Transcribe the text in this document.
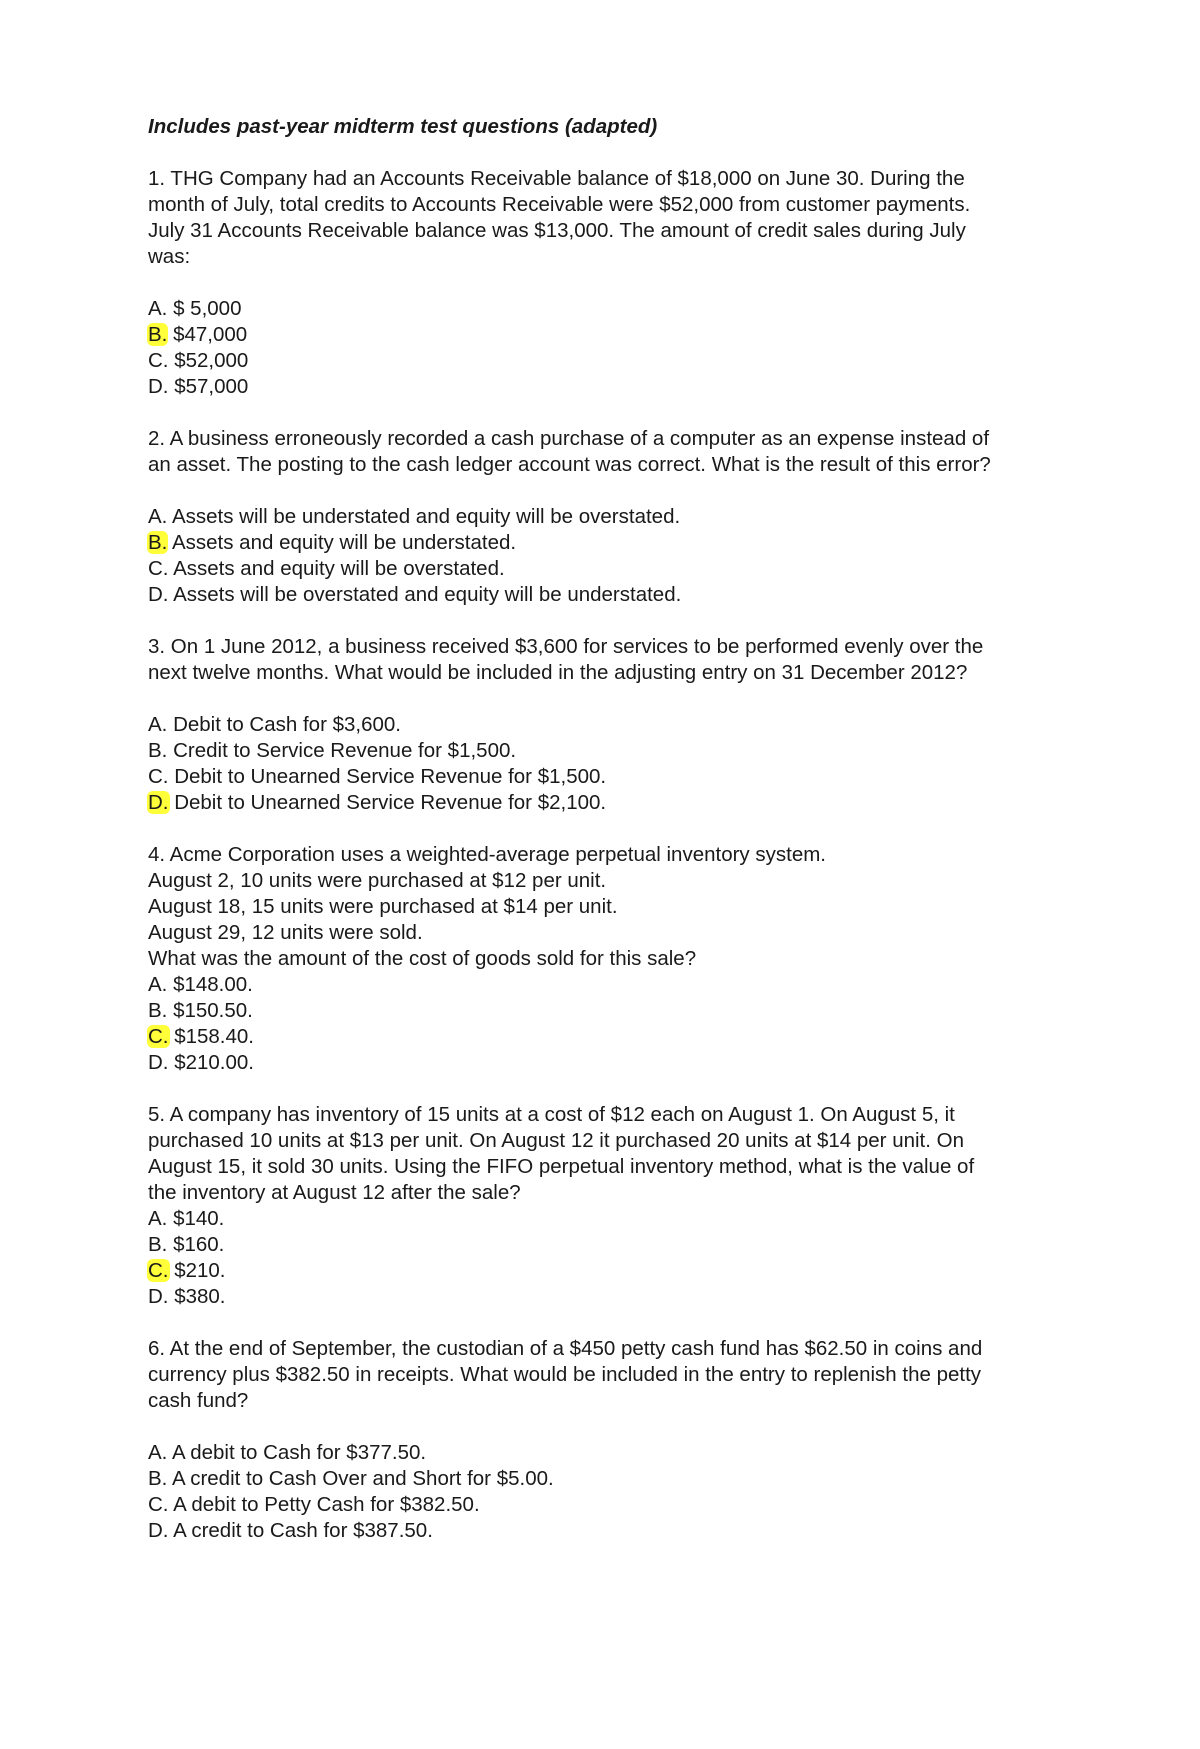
Includes past-year midterm test questions (adapted)
1. THG Company had an Accounts Receivable balance of $18,000 on June 30. During the
month of July, total credits to Accounts Receivable were $52,000 from customer payments.
July 31 Accounts Receivable balance was $13,000. The amount of credit sales during July
was:
A. $ 5,000
B. $47,000
C. $52,000
D. $57,000
2. A business erroneously recorded a cash purchase of a computer as an expense instead of
an asset. The posting to the cash ledger account was correct. What is the result of this error?
A. Assets will be understated and equity will be overstated.
B. Assets and equity will be understated.
C. Assets and equity will be overstated.
D. Assets will be overstated and equity will be understated.
3. On 1 June 2012, a business received $3,600 for services to be performed evenly over the
next twelve months. What would be included in the adjusting entry on 31 December 2012?
A. Debit to Cash for $3,600.
B. Credit to Service Revenue for $1,500.
C. Debit to Unearned Service Revenue for $1,500.
D. Debit to Unearned Service Revenue for $2,100.
4. Acme Corporation uses a weighted-average perpetual inventory system.
August 2, 10 units were purchased at $12 per unit.
August 18, 15 units were purchased at $14 per unit.
August 29, 12 units were sold.
What was the amount of the cost of goods sold for this sale?
A. $148.00.
B. $150.50.
C. $158.40.
D. $210.00.
5. A company has inventory of 15 units at a cost of $12 each on August 1. On August 5, it
purchased 10 units at $13 per unit. On August 12 it purchased 20 units at $14 per unit. On
August 15, it sold 30 units. Using the FIFO perpetual inventory method, what is the value of
the inventory at August 12 after the sale?
A. $140.
B. $160.
C. $210.
D. $380.
6. At the end of September, the custodian of a $450 petty cash fund has $62.50 in coins and
currency plus $382.50 in receipts. What would be included in the entry to replenish the petty
cash fund?
A. A debit to Cash for $377.50.
B. A credit to Cash Over and Short for $5.00.
C. A debit to Petty Cash for $382.50.
D. A credit to Cash for $387.50.
